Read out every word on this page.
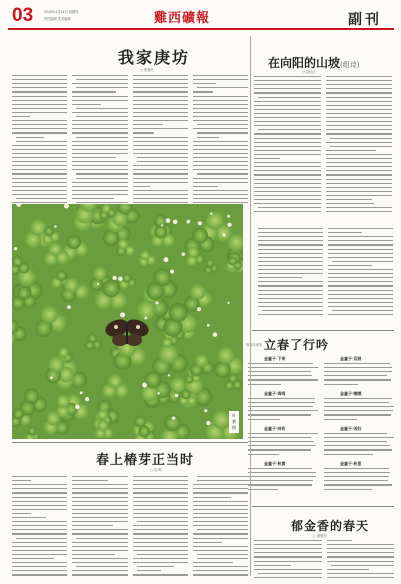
03	2016年4月14日 星期四
责任编辑 美术编辑	雞西礦報	副刊
我家庚坊
□ 张晨光	在向阳的山坡(组诗)
□ 赵红巨
叶
赛
摄
翰墨风雅集 立春了行吟
金童子·下来	金童子·双照
金童子·鸡鸣	金童子·嘿嘿
金童子·帅有	金童子·闲妇
金童子·秋黄	金童子·秋里
春上椿芽正当时
□ 吴 晖
郁金香的春天
□ 夏维东
